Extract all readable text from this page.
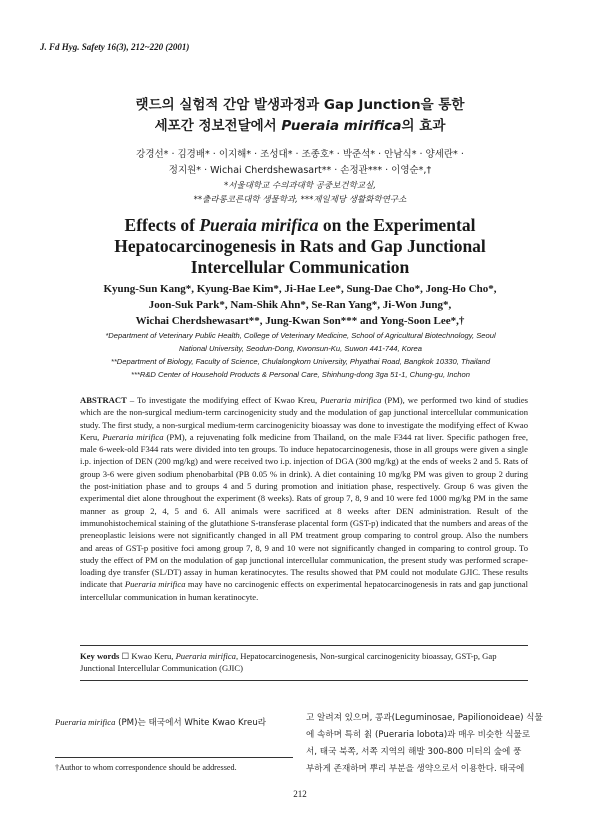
J. Fd Hyg. Safety 16(3), 212~220 (2001)
랫드의 실험적 간암 발생과정과 Gap Junction을 통한
세포간 정보전달에서 Pueraia mirifica의 효과
강경선* · 김경배* · 이지해* · 조성대* · 조종호* · 박준석* · 안남식* · 양세란* ·
정지원* · Wichai Cherdshewasart** · 손정관*** · 이영순*,†
*서울대학교 수의과대학 공중보건학교실,
**출라롱코른대학 생물학과, ***제일제당 생활화학연구소
Effects of Pueraia mirifica on the Experimental
Hepatocarcinogenesis in Rats and Gap Junctional
Intercellular Communication
Kyung-Sun Kang*, Kyung-Bae Kim*, Ji-Hae Lee*, Sung-Dae Cho*, Jong-Ho Cho*,
Joon-Suk Park*, Nam-Shik Ahn*, Se-Ran Yang*, Ji-Won Jung*,
Wichai Cherdshewasart**, Jung-Kwan Son*** and Yong-Soon Lee*,†
*Department of Veterinary Public Health, College of Veterinary Medicine, School of Agricultural Biotechnology, Seoul
National University, Seodun-Dong, Kwonsun-Ku, Suwon 441-744, Korea
**Department of Biology, Faculty of Science, Chulalongkorn University, Phyathai Road, Bangkok 10330, Thailand
***R&D Center of Household Products & Personal Care, Shinhung-dong 3ga 51-1, Chung-gu, Inchon
ABSTRACT – To investigate the modifying effect of Kwao Kreu, Pueraria mirifica (PM), we performed two kind of studies which are the non-surgical medium-term carcinogenicity study and the modulation of gap junctional intercellular communication study. The first study, a non-surgical medium-term carcinogenicity bioassay was done to investigate the modifying effect of Kwao Keru, Pueraria mirifica (PM), a rejuvenating folk medicine from Thailand, on the male F344 rat liver. Specific pathogen free, male 6-week-old F344 rats were divided into ten groups. To induce hepatocarcinogenesis, those in all groups were given a single i.p. injection of DEN (200 mg/kg) and were received two i.p. injection of DGA (300 mg/kg) at the ends of weeks 2 and 5. Rats of group 3-6 were given sodium phenobarbital (PB 0.05 % in drink). A diet containing 10 mg/kg PM was given to group 2 during the post-initiation phase and to groups 4 and 5 during promotion and initiation phase, respectively. Group 6 was given the experimental diet alone throughout the experiment (8 weeks). Rats of group 7, 8, 9 and 10 were fed 1000 mg/kg PM in the same manner as group 2, 4, 5 and 6. All animals were sacrificed at 8 weeks after DEN administration. Result of the immunohistochemical staining of the glutathione S-transferase placental form (GST-p) indicated that the numbers and areas of the preneoplastic leisions were not significantly changed in all PM treatment group comparing to control group. Also the numbers and areas of GST-p positive foci among group 7, 8, 9 and 10 were not significantly changed in comparing to control group. To study the effect of PM on the modulation of gap junctional intercellular communication, the present study was performed scrape-loading dye transfer (SL/DT) assay in human keratinocytes. The results showed that PM could not modulate GJIC. These results indicate that Pueraria mirifica may have no carcinogenic effects on experimental hepatocarcinogenesis in rats and gap junctional intercellular communication in human keratinocyte.
Key words ☐ Kwao Keru, Pueraria mirifica, Hepatocarcinogenesis, Non-surgical carcinogenicity bioassay, GST-p, Gap Junctional Intercellular Communication (GJIC)
Pueraria mirifica (PM)는 태국에서 White Kwao Kreu라	고 알려져 있으며, 콩과(Leguminosae, Papilionoideae) 식물
에 속하며 특히 칡 (Pueraria lobota)과 매우 비슷한 식물로
서, 태국 북쪽, 서쪽 지역의 해발 300-800 미터의 숲에 풍
부하게 존재하며 뿌리 부분을 생약으로서 이용한다. 태국에
†Author to whom correspondence should be addressed.
212
